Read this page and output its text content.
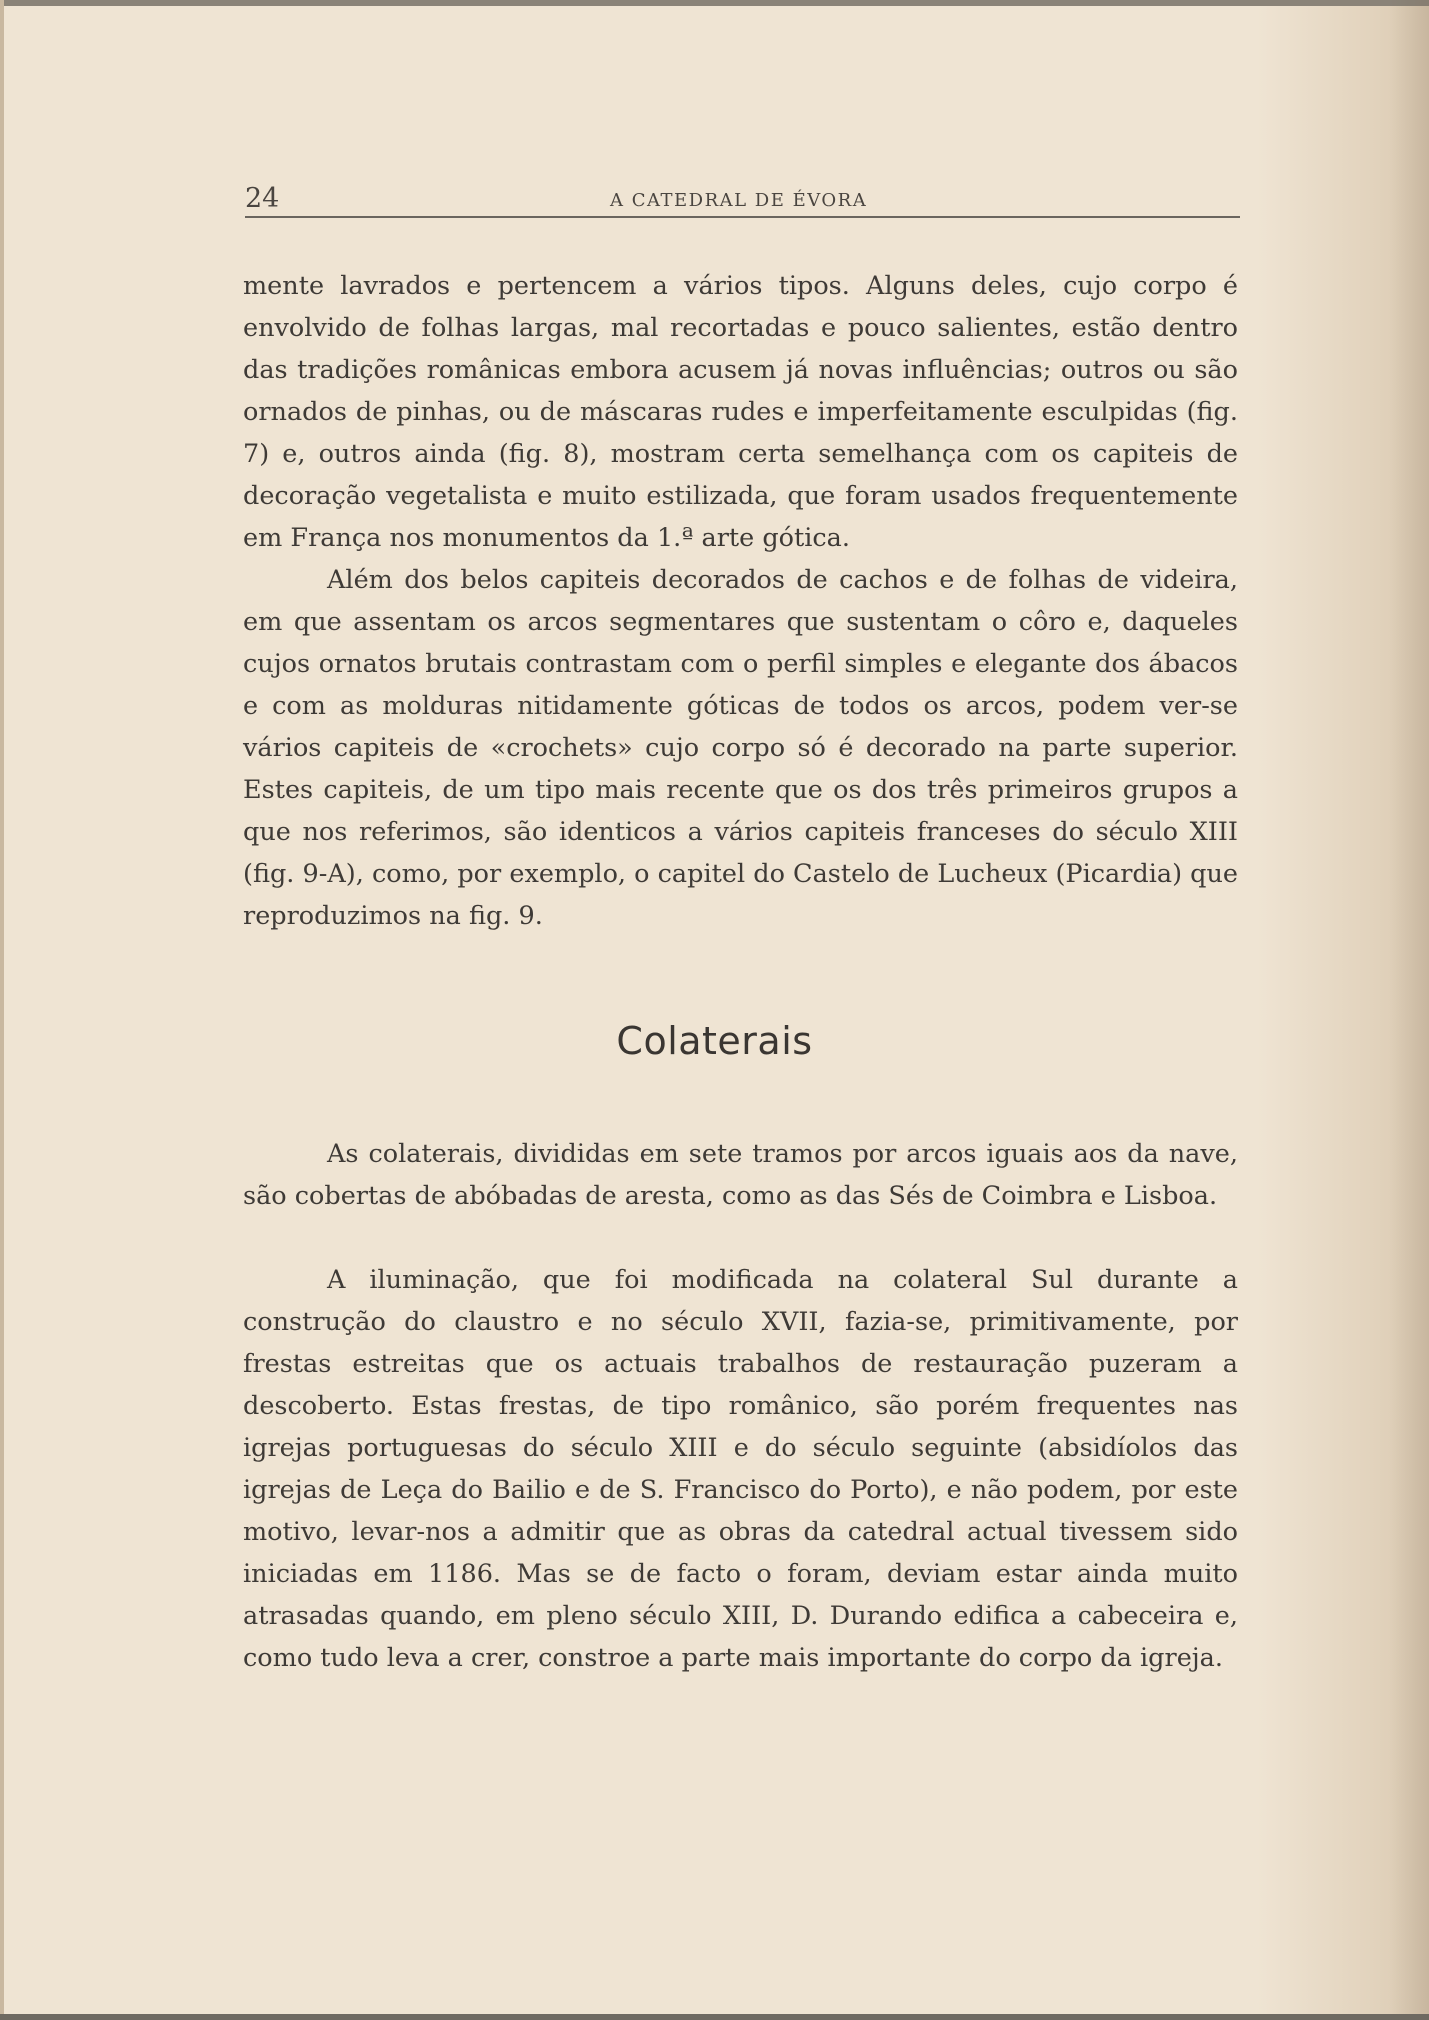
24	A CATEDRAL DE ÉVORA

mente lavrados e pertencem a vários tipos. Alguns deles, cujo corpo é envolvido de folhas largas, mal recortadas e pouco salientes, estão dentro das tradições românicas embora acusem já novas influências; outros ou são ornados de pinhas, ou de máscaras rudes e imperfeitamente esculpidas (fig. 7) e, outros ainda (fig. 8), mostram certa semelhança com os capiteis de decoração vegetalista e muito estilizada, que foram usados frequentemente em França nos monumentos da 1.ª arte gótica.

Além dos belos capiteis decorados de cachos e de folhas de videira, em que assentam os arcos segmentares que sustentam o côro e, daqueles cujos ornatos brutais contrastam com o perfil simples e elegante dos ábacos e com as molduras nitidamente góticas de todos os arcos, podem ver-se vários capiteis de «crochets» cujo corpo só é decorado na parte superior. Estes capiteis, de um tipo mais recente que os dos três primeiros grupos a que nos referimos, são identicos a vários capiteis franceses do século XIII (fig. 9-A), como, por exemplo, o capitel do Castelo de Lucheux (Picardia) que reproduzimos na fig. 9.

Colaterais

As colaterais, divididas em sete tramos por arcos iguais aos da nave, são cobertas de abóbadas de aresta, como as das Sés de Coimbra e Lisboa.

A iluminação, que foi modificada na colateral Sul durante a construção do claustro e no século XVII, fazia-se, primitivamente, por frestas estreitas que os actuais trabalhos de restauração puzeram a descoberto. Estas frestas, de tipo românico, são porém frequentes nas igrejas portuguesas do século XIII e do século seguinte (absidíolos das igrejas de Leça do Bailio e de S. Francisco do Porto), e não podem, por este motivo, levar-nos a admitir que as obras da catedral actual tivessem sido iniciadas em 1186. Mas se de facto o foram, deviam estar ainda muito atrasadas quando, em pleno século XIII, D. Durando edifica a cabeceira e, como tudo leva a crer, constroe a parte mais importante do corpo da igreja.
